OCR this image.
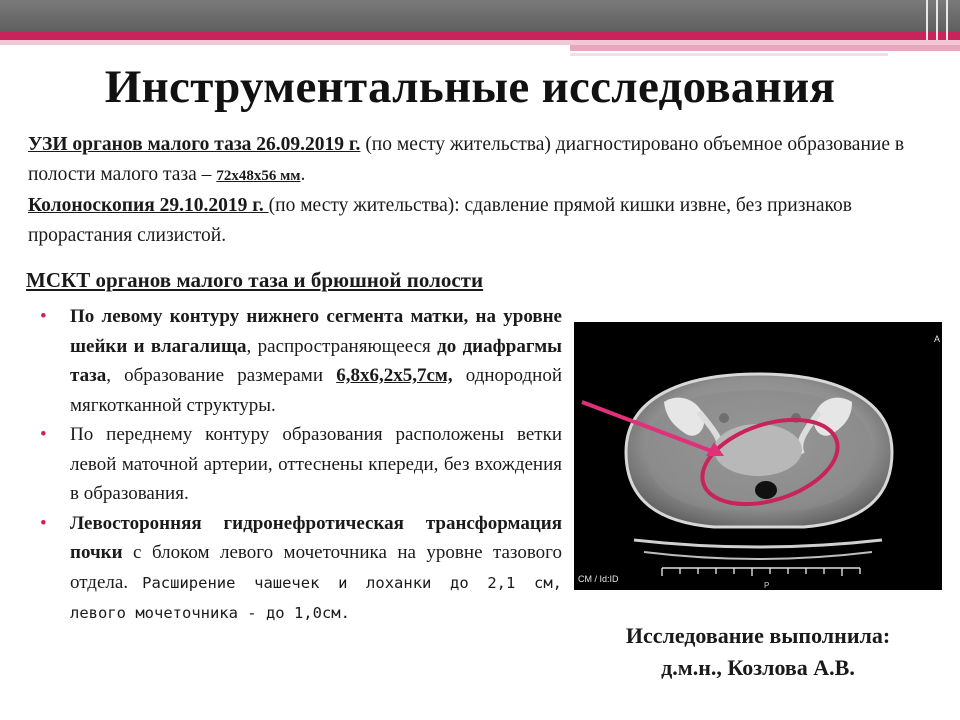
Инструментальные исследования

УЗИ органов малого таза 26.09.2019 г. (по месту жительства) диагностировано объемное образование в полости малого таза – 72х48х56 мм.

Колоноскопия 29.10.2019 г. (по месту жительства): сдавление прямой кишки извне, без признаков прорастания слизистой.

МСКТ органов малого таза и брюшной полости
• По левому контуру нижнего сегмента матки, на уровне шейки и влагалища, распространяющееся до диафрагмы таза, образование размерами 6,8х6,2х5,7см, однородной мягкотканной структуры.
• По переднему контуру образования расположены ветки левой маточной артерии, оттеснены кпереди, без вхождения в образования.
• Левосторонняя гидронефротическая трансформация почки с блоком левого мочеточника на уровне тазового отдела. Расширение чашечек и лоханки до 2,1 см, левого мочеточника - до 1,0см.
CM / Id:ID
A
P
Исследование выполнила:
д.м.н., Козлова А.В.
